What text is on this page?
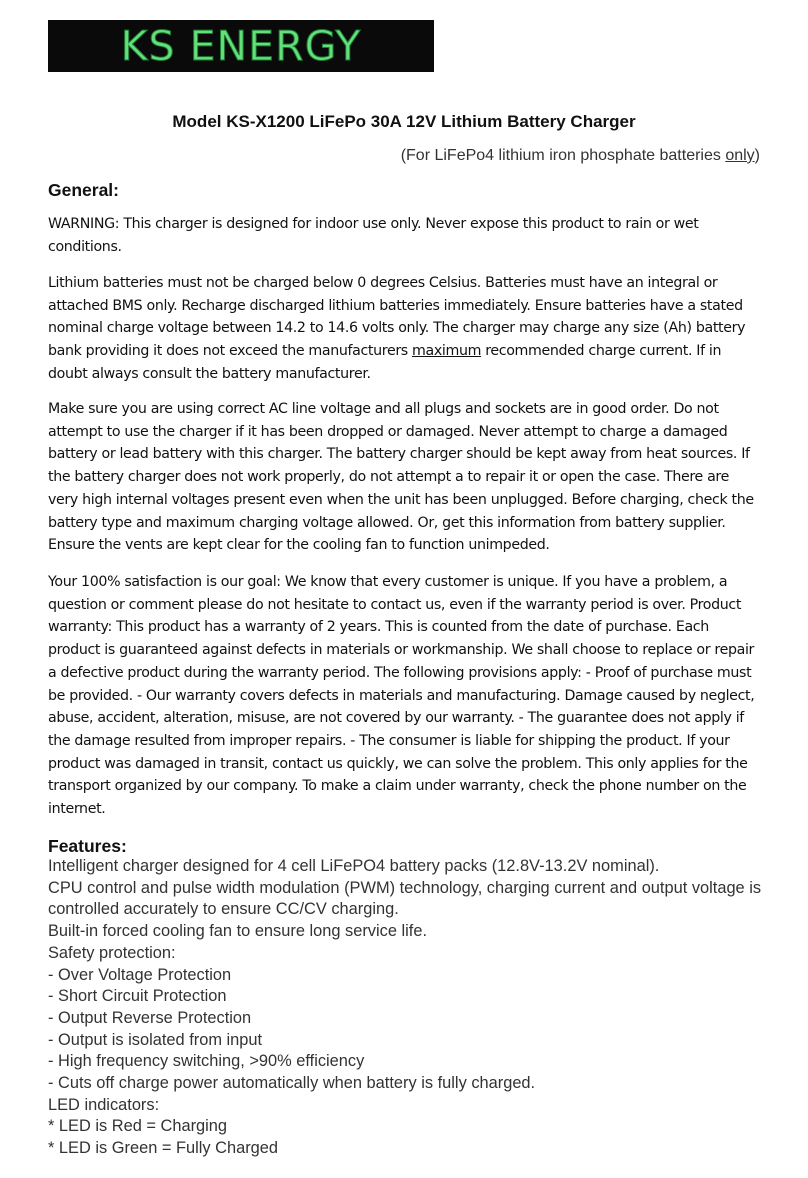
KS ENERGY
Model KS-X1200 LiFePo 30A 12V Lithium Battery Charger
(For LiFePo4 lithium iron phosphate batteries only)
General:

WARNING: This charger is designed for indoor use only. Never expose this product to rain or wet conditions.

Lithium batteries must not be charged below 0 degrees Celsius. Batteries must have an integral or attached BMS only. Recharge discharged lithium batteries immediately. Ensure batteries have a stated nominal charge voltage between 14.2 to 14.6 volts only. The charger may charge any size (Ah) battery bank providing it does not exceed the manufacturers maximum recommended charge current. If in doubt always consult the battery manufacturer.

Make sure you are using correct AC line voltage and all plugs and sockets are in good order. Do not attempt to use the charger if it has been dropped or damaged. Never attempt to charge a damaged battery or lead battery with this charger. The battery charger should be kept away from heat sources. If the battery charger does not work properly, do not attempt a to repair it or open the case. There are very high internal voltages present even when the unit has been unplugged. Before charging, check the battery type and maximum charging voltage allowed. Or, get this information from battery supplier. Ensure the vents are kept clear for the cooling fan to function unimpeded.

Your 100% satisfaction is our goal: We know that every customer is unique. If you have a problem, a question or comment please do not hesitate to contact us, even if the warranty period is over. Product warranty: This product has a warranty of 2 years. This is counted from the date of purchase. Each product is guaranteed against defects in materials or workmanship. We shall choose to replace or repair a defective product during the warranty period. The following provisions apply: - Proof of purchase must be provided. - Our warranty covers defects in materials and manufacturing. Damage caused by neglect, abuse, accident, alteration, misuse, are not covered by our warranty. - The guarantee does not apply if the damage resulted from improper repairs. - The consumer is liable for shipping the product. If your product was damaged in transit, contact us quickly, we can solve the problem. This only applies for the transport organized by our company. To make a claim under warranty, check the phone number on the internet.

Features:
Intelligent charger designed for 4 cell LiFePO4 battery packs (12.8V-13.2V nominal).
CPU control and pulse width modulation (PWM) technology, charging current and output voltage is controlled accurately to ensure CC/CV charging.
Built-in forced cooling fan to ensure long service life.
Safety protection:
- Over Voltage Protection
- Short Circuit Protection
- Output Reverse Protection
- Output is isolated from input
- High frequency switching, >90% efficiency
- Cuts off charge power automatically when battery is fully charged.
LED indicators:
* LED is Red = Charging
* LED is Green = Fully Charged
